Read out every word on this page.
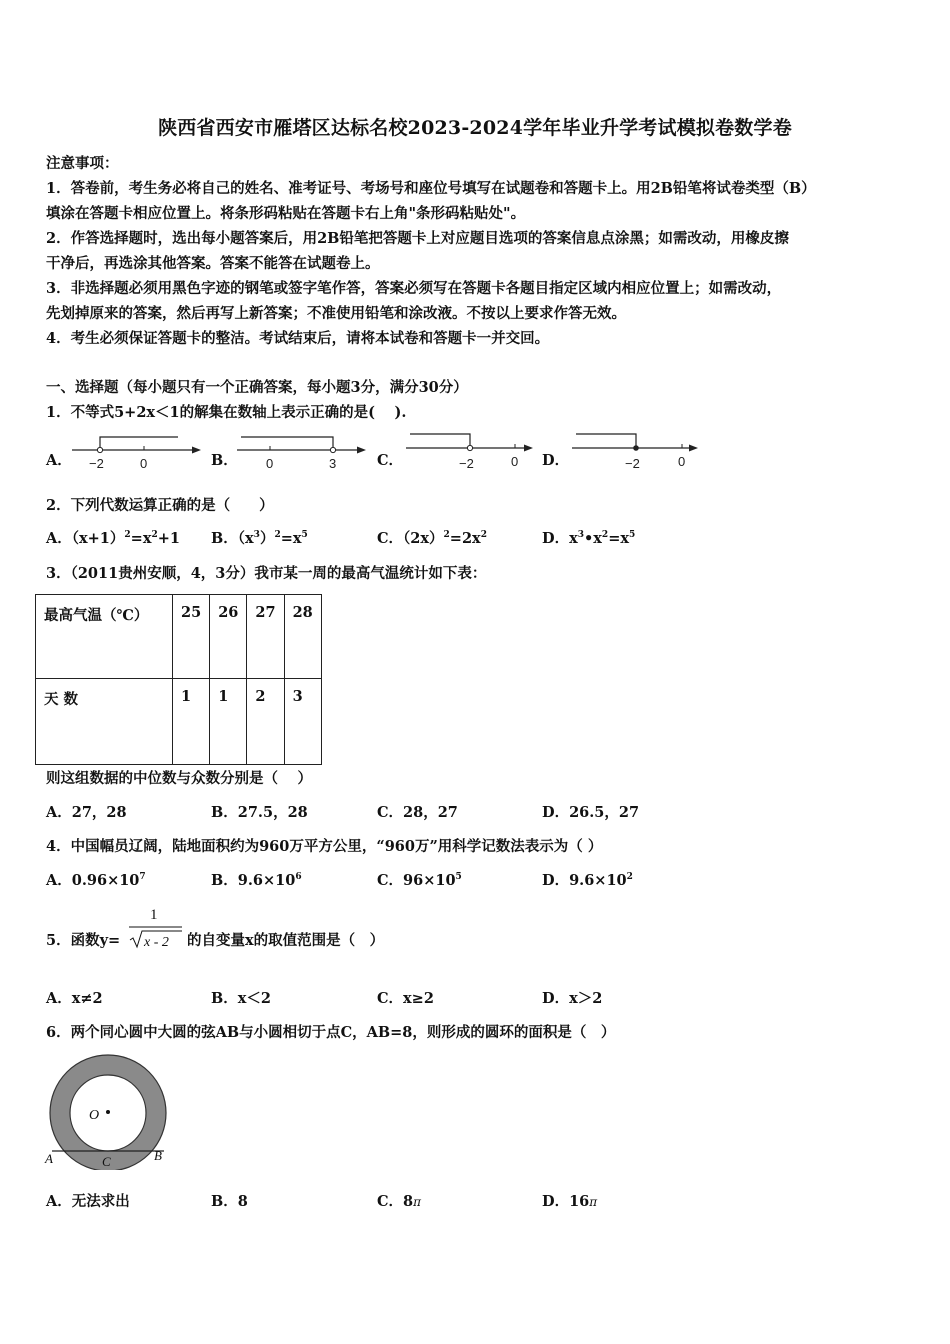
陕西省西安市雁塔区达标名校2023-2024学年毕业升学考试模拟卷数学卷
注意事项：
1．答卷前，考生务必将自己的姓名、准考证号、考场号和座位号填写在试题卷和答题卡上。用2B铅笔将试卷类型（B）
填涂在答题卡相应位置上。将条形码粘贴在答题卡右上角"条形码粘贴处"。
2．作答选择题时，选出每小题答案后，用2B铅笔把答题卡上对应题目选项的答案信息点涂黑；如需改动，用橡皮擦
干净后，再选涂其他答案。答案不能答在试题卷上。
3．非选择题必须用黑色字迹的钢笔或签字笔作答，答案必须写在答题卡各题目指定区域内相应位置上；如需改动，
先划掉原来的答案，然后再写上新答案；不准使用铅笔和涂改液。不按以上要求作答无效。
4．考生必须保证答题卡的整洁。考试结束后，请将本试卷和答题卡一并交回。
一、选择题（每小题只有一个正确答案，每小题3分，满分30分）
1．不等式5+2x＜1的解集在数轴上表示正确的是(　 ).
A． −2	0	B． 0	3	C．	−2	0 D．	−2	0
2．下列代数运算正确的是（　　）
A．$(x+1)^2=x^2+1$ B．$(x^3)^2=x^5$	C．$(2x)^2=2x^2$	D．$x^3•x^2=x^5$
3．（2011贵州安顺，4，3分）我市某一周的最高气温统计如下表：
最高气温（℃）	25	26	27	28
天 数	1	1	2	3
则这组数据的中位数与众数分别是（　 ）
A．27，28	B．27.5，28	C．28，27	D．26.5，27
4．中国幅员辽阔，陆地面积约为960万平方公里，“960万”用科学记数法表示为（ ）
A．$0.96\times 10^7$	B．$9.6\times 10^6$	C．$96\times 10^5$	D．$9.6\times 10^2$
5．函数y=
1
x - 2 的自变量x的取值范围是（　）
A．x≠2	B．x＜2	C．x≥2	D．x＞2
6．两个同心圆中大圆的弦AB与小圆相切于点C，AB=8，则形成的圆环的面积是（　）
O
A	B
C
A．无法求出	B．8	C．8π	D．16π
